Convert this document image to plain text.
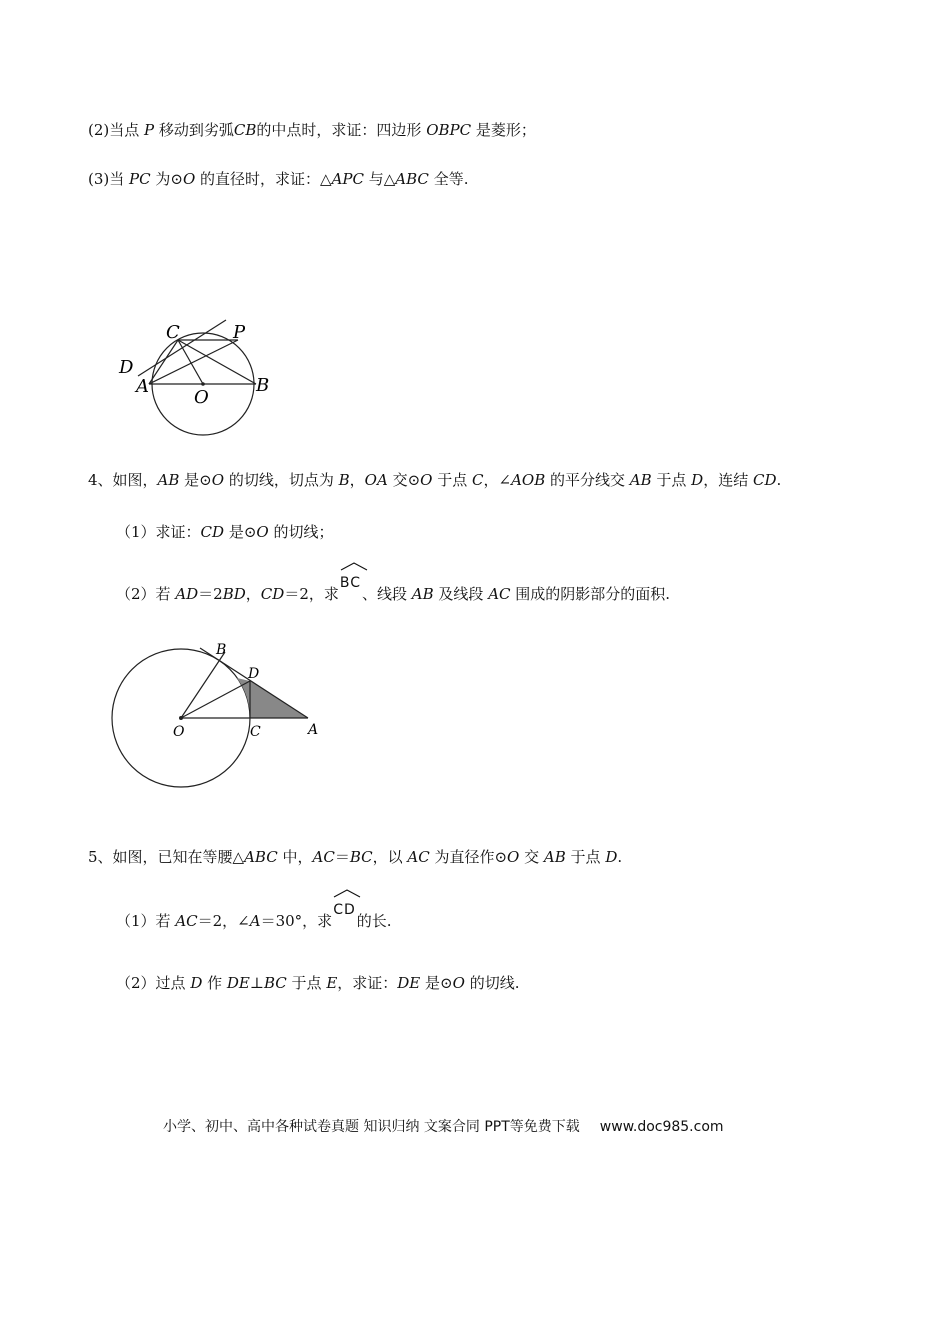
(2)当点 P 移动到劣弧CB的中点时，求证：四边形 OBPC 是菱形；
(3)当 PC 为⊙O 的直径时，求证：△APC 与△ABC 全等.
C	P
D
A
O
B
4、如图，AB 是⊙O 的切线，切点为 B，OA 交⊙O 于点 C，∠AOB 的平分线交 AB 于点 D，连结 CD.
（1）求证：CD 是⊙O 的切线；
（2）若 AD＝2BD，CD＝2，求
BC、线段 AB 及线段 AC 围成的阴影部分的面积.
B
D
O	C	A
5、如图，已知在等腰△ABC 中，AC＝BC，以 AC 为直径作⊙O 交 AB 于点 D.
（1）若 AC＝2，∠A＝30°，求
CD的长.
（2）过点 D 作 DE⊥BC 于点 E，求证：DE 是⊙O 的切线.
小学、初中、高中各种试卷真题 知识归纳 文案合同 PPT等免费下载 www.doc985.com
